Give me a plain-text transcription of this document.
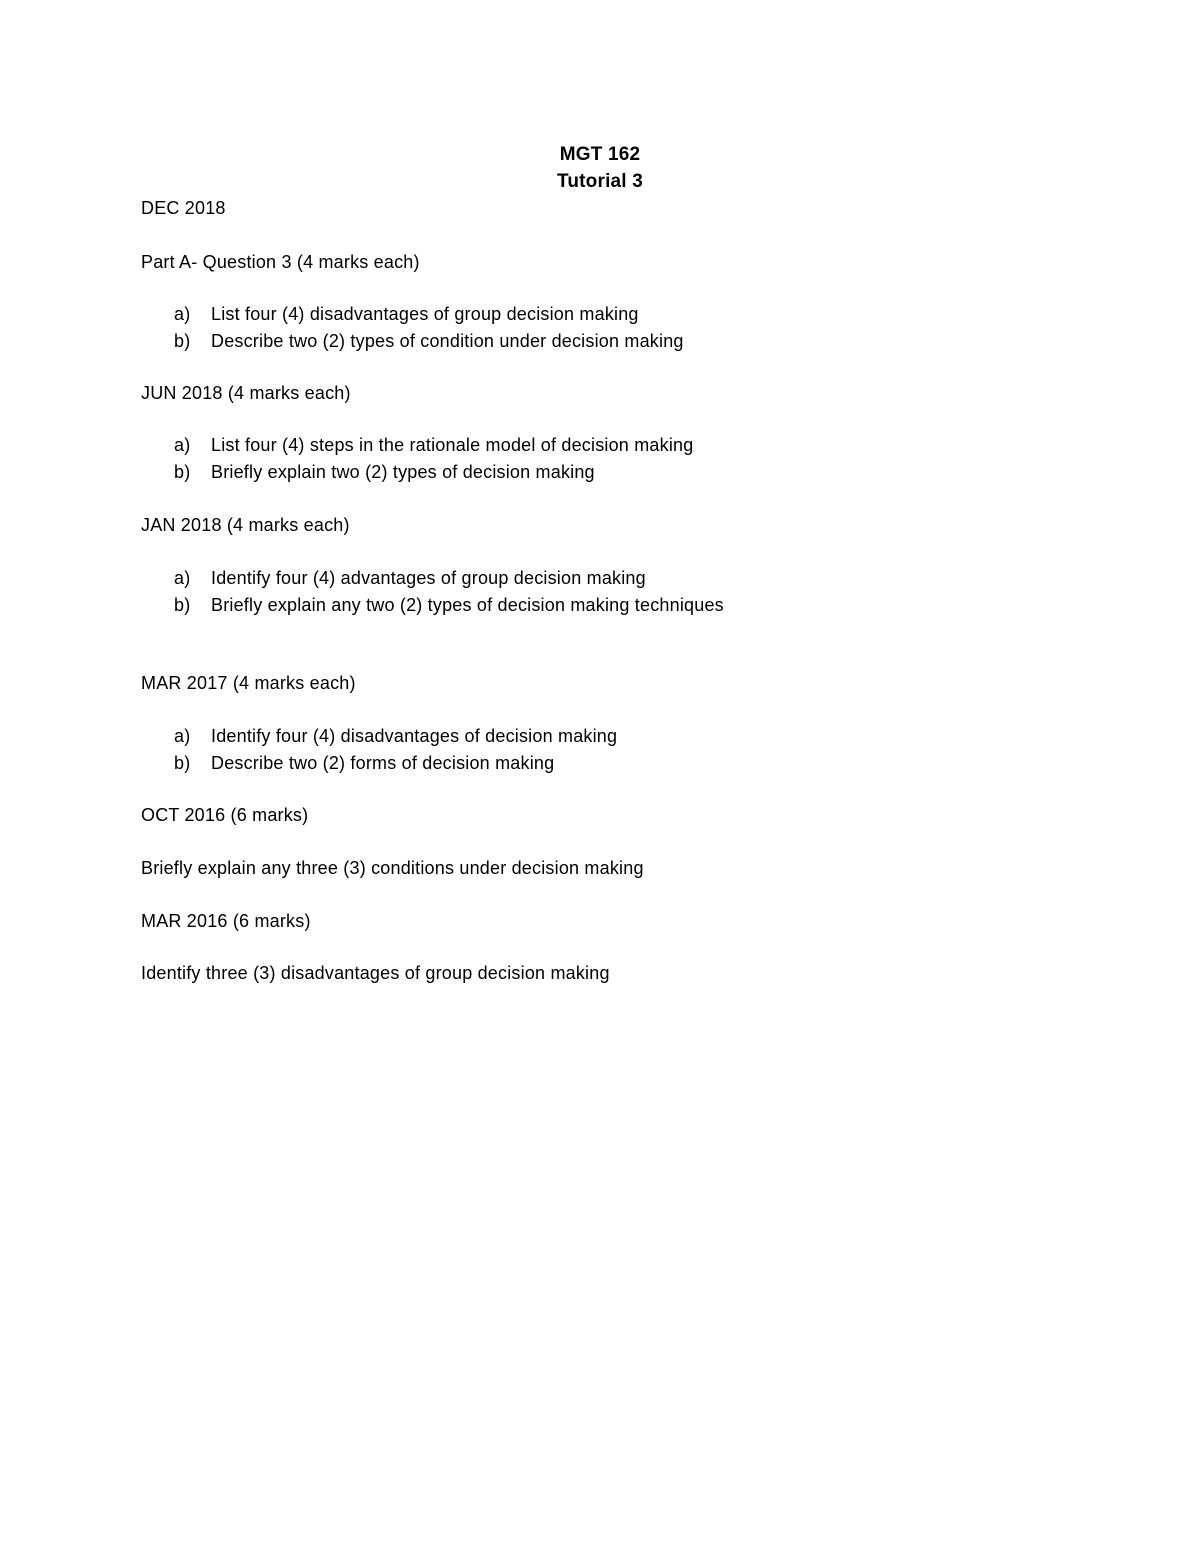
MGT 162
Tutorial 3
DEC 2018
Part A- Question 3 (4 marks each)
a) List four (4) disadvantages of group decision making
b) Describe two (2) types of condition under decision making
JUN 2018 (4 marks each)
a) List four (4) steps in the rationale model of decision making
b) Briefly explain two (2) types of decision making
JAN 2018 (4 marks each)
a) Identify four (4) advantages of group decision making
b) Briefly explain any two (2) types of decision making techniques
MAR 2017 (4 marks each)
a) Identify four (4) disadvantages of decision making
b) Describe two (2) forms of decision making
OCT 2016 (6 marks)
Briefly explain any three (3) conditions under decision making
MAR 2016 (6 marks)
Identify three (3) disadvantages of group decision making
